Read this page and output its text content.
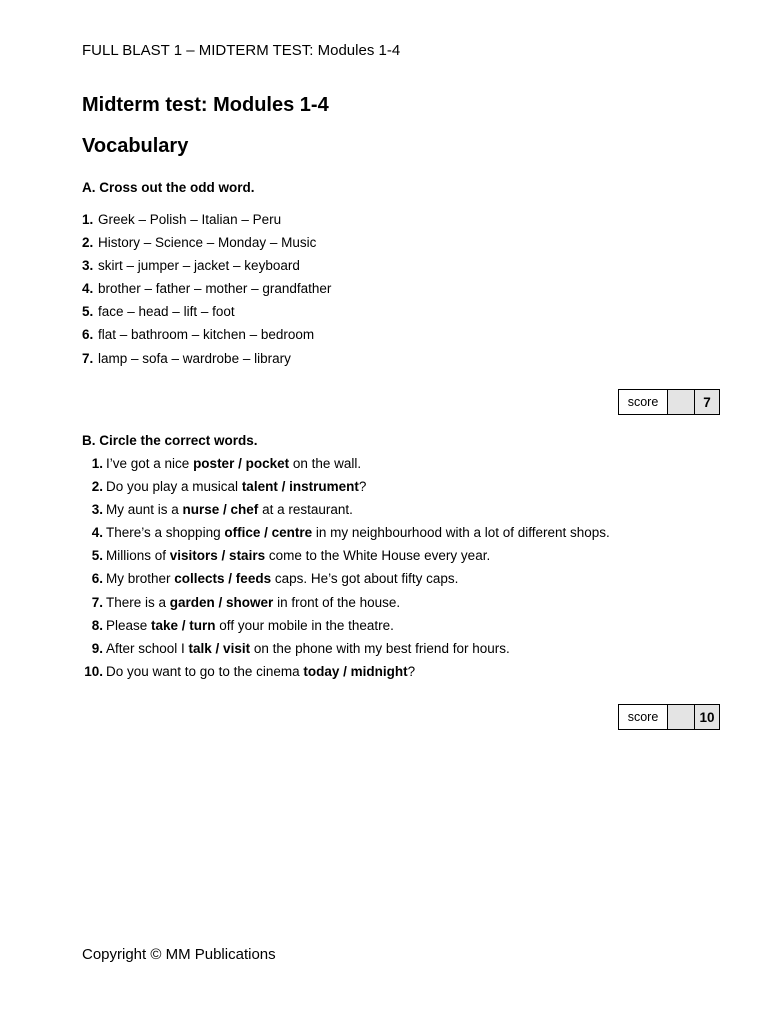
FULL BLAST 1 – MIDTERM TEST: Modules 1-4
Midterm test: Modules 1-4
Vocabulary
A. Cross out the odd word.
1. Greek – Polish – Italian – Peru
2. History – Science – Monday – Music
3. skirt – jumper – jacket – keyboard
4. brother – father – mother – grandfather
5. face – head – lift – foot
6. flat – bathroom – kitchen – bedroom
7. lamp – sofa – wardrobe – library
score	7
B. Circle the correct words.
1. I’ve got a nice poster / pocket on the wall.
2. Do you play a musical talent / instrument?
3. My aunt is a nurse / chef at a restaurant.
4. There’s a shopping office / centre in my neighbourhood with a lot of different shops.
5. Millions of visitors / stairs come to the White House every year.
6. My brother collects / feeds caps. He’s got about fifty caps.
7. There is a garden / shower in front of the house.
8. Please take / turn off your mobile in the theatre.
9. After school I talk / visit on the phone with my best friend for hours.
10. Do you want to go to the cinema today / midnight?
score	10
Copyright © MM Publications
